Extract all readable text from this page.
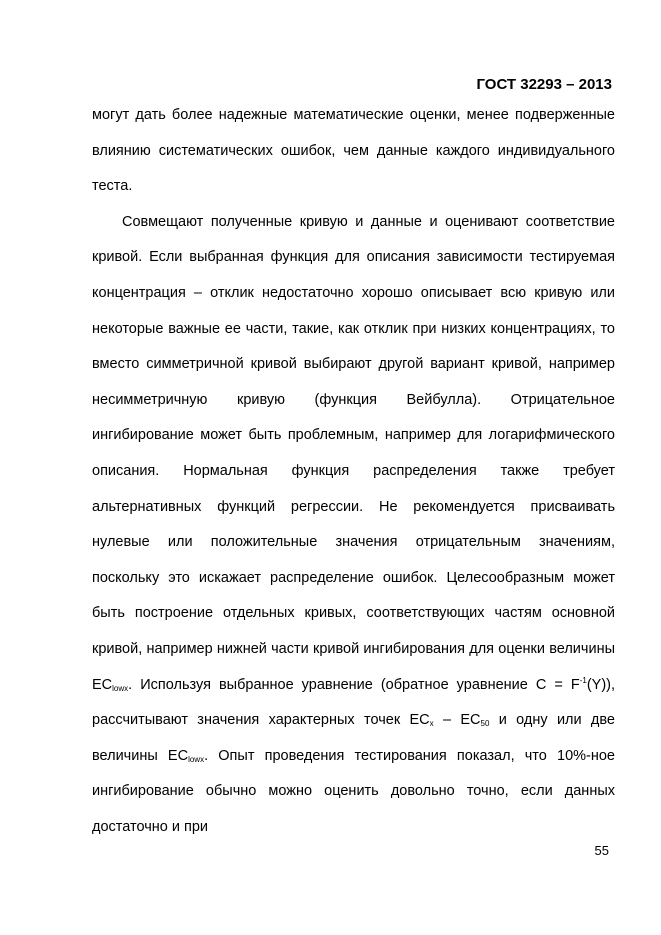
ГОСТ 32293 – 2013

могут дать более надежные математические оценки, менее подверженные влиянию систематических ошибок, чем данные каждого индивидуального теста.

Совмещают полученные кривую и данные и оценивают соответствие кривой. Если выбранная функция для описания зависимости тестируемая концентрация – отклик недостаточно хорошо описывает всю кривую или некоторые важные ее части, такие, как отклик при низких концентрациях, то вместо симметричной кривой выбирают другой вариант кривой, например несимметричную кривую (функция Вейбулла). Отрицательное ингибирование может быть проблемным, например для логарифмического описания. Нормальная функция распределения также требует альтернативных функций регрессии. Не рекомендуется присваивать нулевые или положительные значения отрицательным значениям, поскольку это искажает распределение ошибок. Целесообразным может быть построение отдельных кривых, соответствующих частям основной кривой, например нижней части кривой ингибирования для оценки величины $EC_{lowx}$. Используя выбранное уравнение (обратное уравнение $C = F^{-1}(Y)$), рассчитывают значения характерных точек $EC_x - EC_{50}$ и одну или две величины $EC_{lowx}$. Опыт проведения тестирования показал, что 10%-ное ингибирование обычно можно оценить довольно точно, если данных достаточно и при

55
